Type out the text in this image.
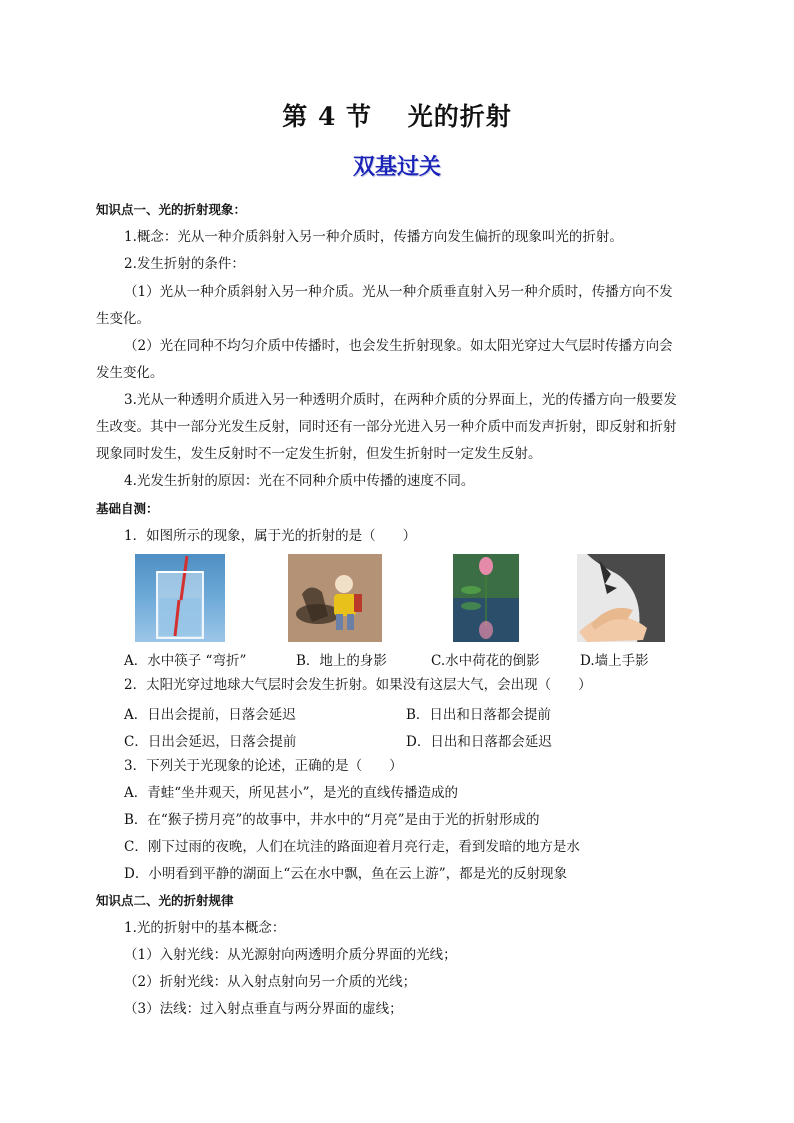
第 4 节　 光的折射
双基过关
知识点一、光的折射现象：
1.概念：光从一种介质斜射入另一种介质时，传播方向发生偏折的现象叫光的折射。
2.发生折射的条件：
（1）光从一种介质斜射入另一种介质。光从一种介质垂直射入另一种介质时，传播方向不发
生变化。
（2）光在同种不均匀介质中传播时，也会发生折射现象。如太阳光穿过大气层时传播方向会
发生变化。
3.光从一种透明介质进入另一种透明介质时，在两种介质的分界面上，光的传播方向一般要发
生改变。其中一部分光发生反射，同时还有一部分光进入另一种介质中而发声折射，即反射和折射
现象同时发生，发生反射时不一定发生折射，但发生折射时一定发生反射。
4.光发生折射的原因：光在不同种介质中传播的速度不同。
基础自测：
1．如图所示的现象，属于光的折射的是（　　）
A．水中筷子 “弯折”	B．地上的身影	C.水中荷花的倒影	D.墙上手影
2．太阳光穿过地球大气层时会发生折射。如果没有这层大气，会出现（　　）
A．日出会提前，日落会延迟	B．日出和日落都会提前
C．日出会延迟，日落会提前	D．日出和日落都会延迟
3．下列关于光现象的论述，正确的是（　　）
A．青蛙“坐井观天，所见甚小”，是光的直线传播造成的
B．在“猴子捞月亮”的故事中，井水中的“月亮”是由于光的折射形成的
C．刚下过雨的夜晚，人们在坑洼的路面迎着月亮行走，看到发暗的地方是水
D．小明看到平静的湖面上“云在水中飘，鱼在云上游”，都是光的反射现象
知识点二、光的折射规律
1.光的折射中的基本概念：
（1）入射光线：从光源射向两透明介质分界面的光线；
（2）折射光线：从入射点射向另一介质的光线；
（3）法线：过入射点垂直与两分界面的虚线；
